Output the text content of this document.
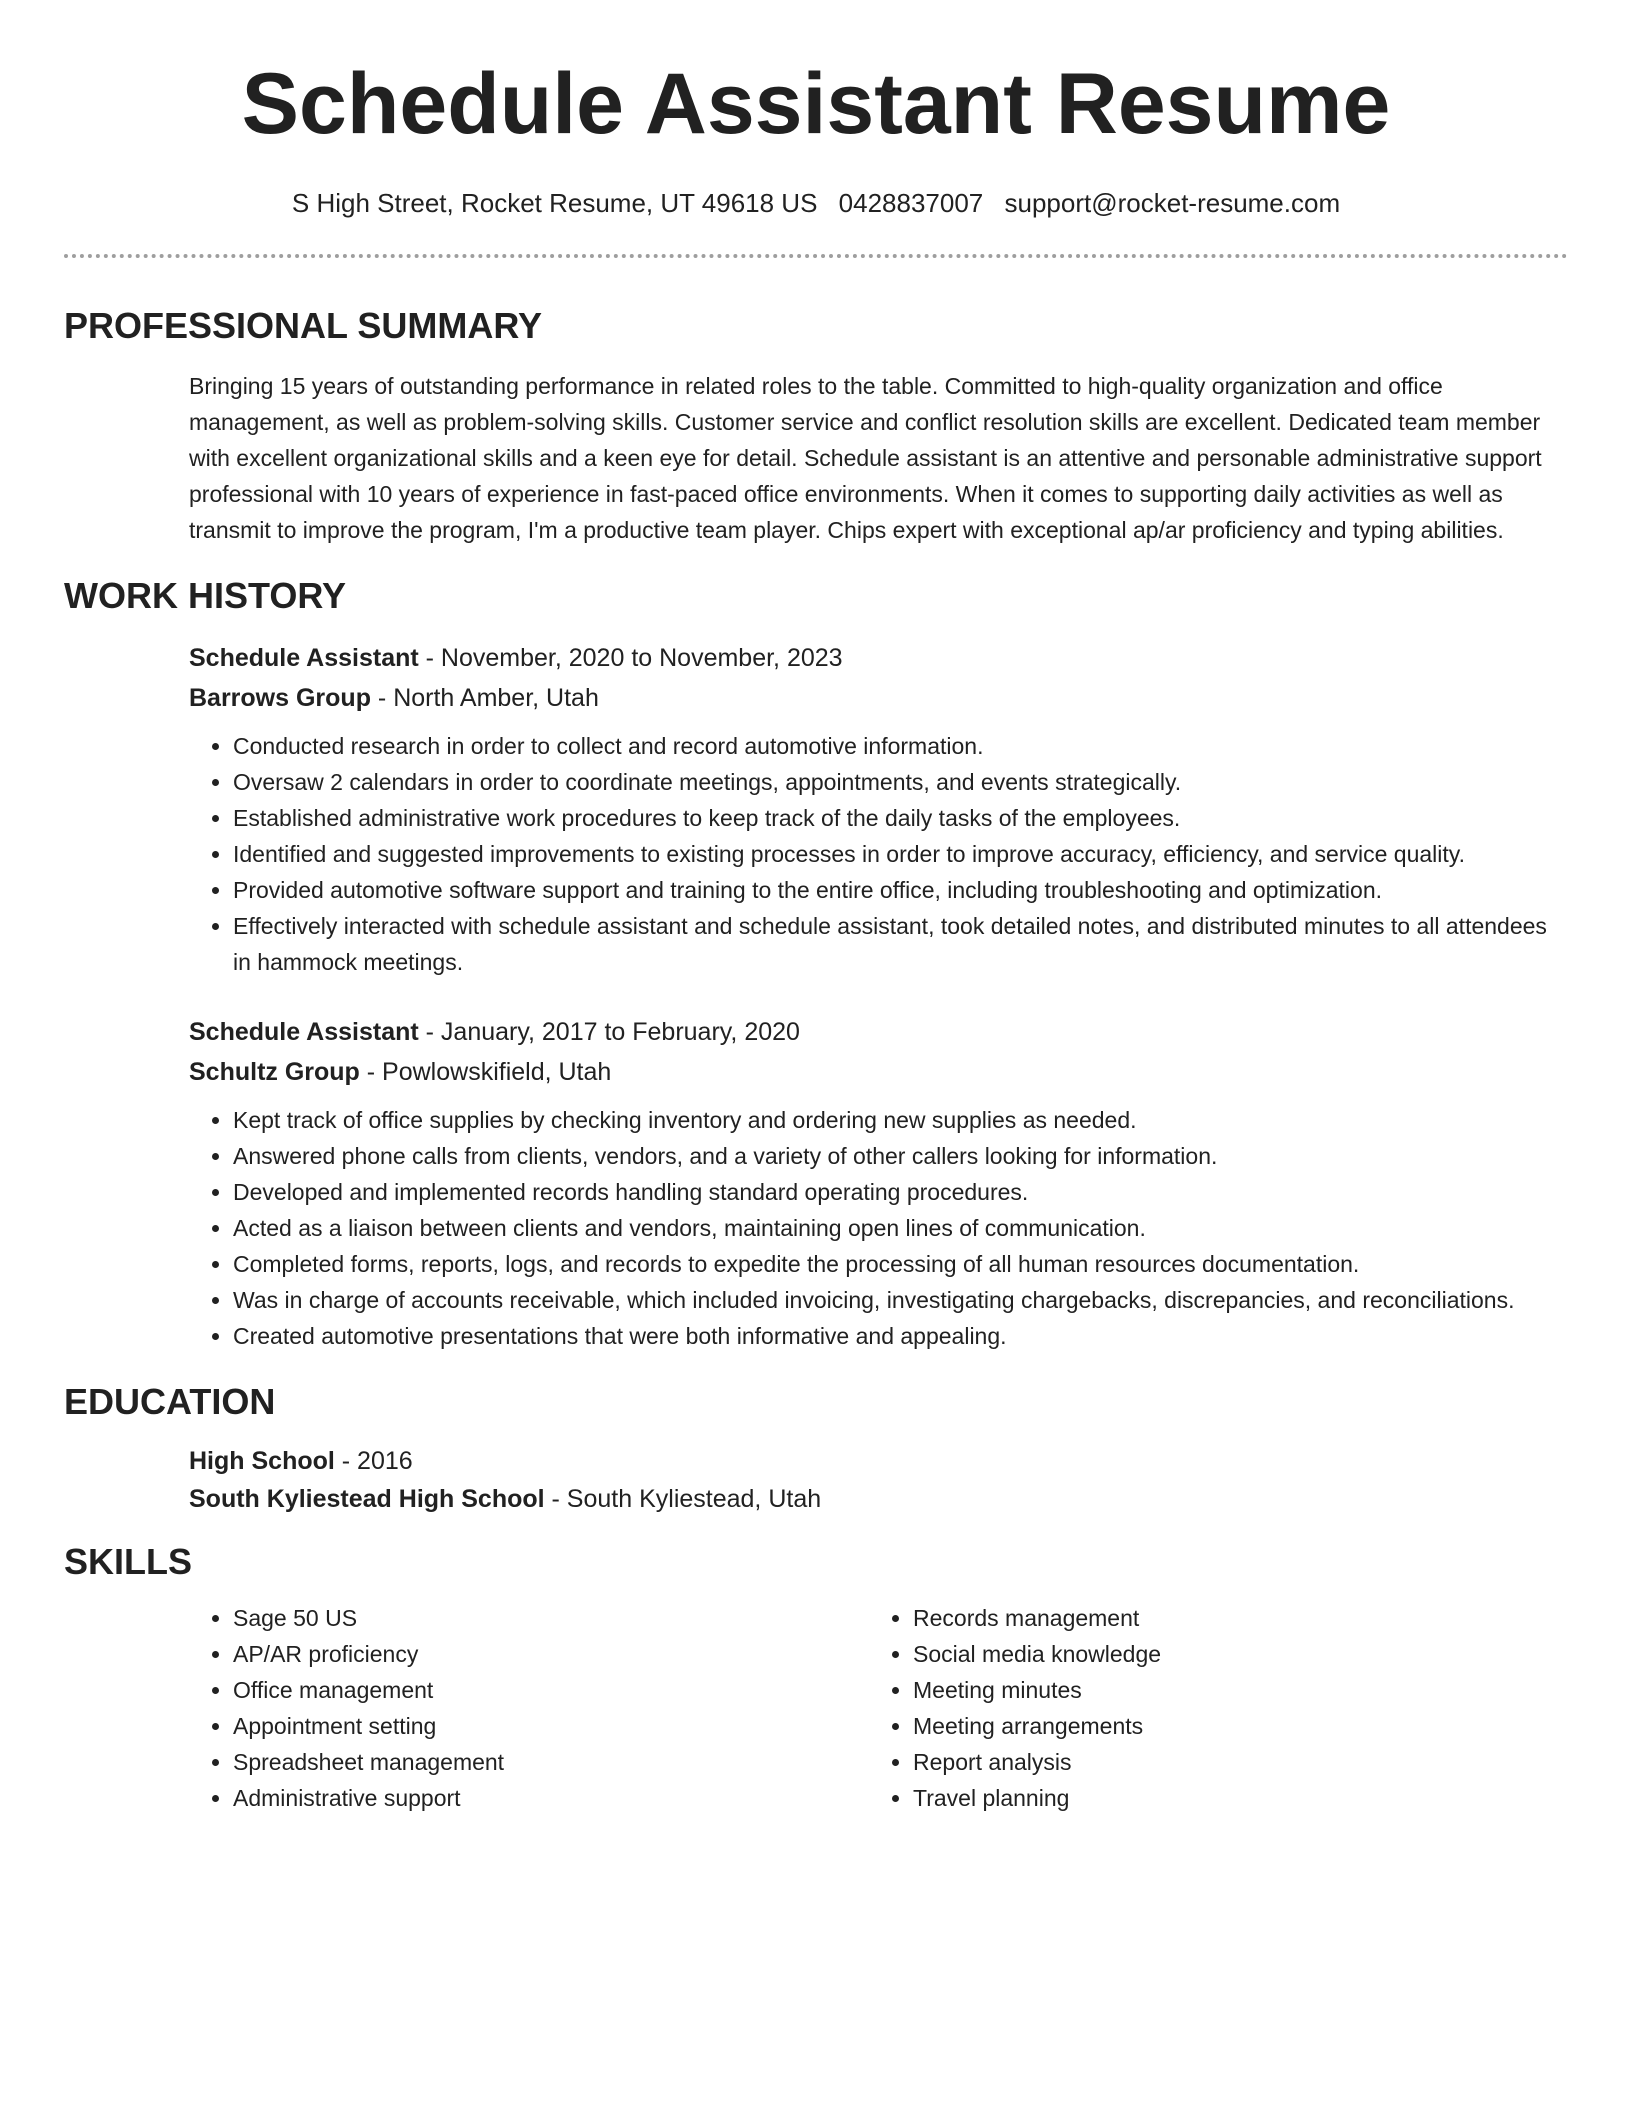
Schedule Assistant Resume
S High Street, Rocket Resume, UT 49618 US 0428837007 support@rocket-resume.com
PROFESSIONAL SUMMARY

Bringing 15 years of outstanding performance in related roles to the table. Committed to high-quality organization and office management, as well as problem-solving skills. Customer service and conflict resolution skills are excellent. Dedicated team member with excellent organizational skills and a keen eye for detail. Schedule assistant is an attentive and personable administrative support professional with 10 years of experience in fast-paced office environments. When it comes to supporting daily activities as well as transmit to improve the program, I'm a productive team player. Chips expert with exceptional ap/ar proficiency and typing abilities.

WORK HISTORY
Schedule Assistant - November, 2020 to November, 2023
Barrows Group - North Amber, Utah
• Conducted research in order to collect and record automotive information.
• Oversaw 2 calendars in order to coordinate meetings, appointments, and events strategically.
• Established administrative work procedures to keep track of the daily tasks of the employees.
• Identified and suggested improvements to existing processes in order to improve accuracy, efficiency, and service quality.
• Provided automotive software support and training to the entire office, including troubleshooting and optimization.
• Effectively interacted with schedule assistant and schedule assistant, took detailed notes, and distributed minutes to all attendees in hammock meetings.
Schedule Assistant - January, 2017 to February, 2020
Schultz Group - Powlowskifield, Utah
• Kept track of office supplies by checking inventory and ordering new supplies as needed.
• Answered phone calls from clients, vendors, and a variety of other callers looking for information.
• Developed and implemented records handling standard operating procedures.
• Acted as a liaison between clients and vendors, maintaining open lines of communication.
• Completed forms, reports, logs, and records to expedite the processing of all human resources documentation.
• Was in charge of accounts receivable, which included invoicing, investigating chargebacks, discrepancies, and reconciliations.
• Created automotive presentations that were both informative and appealing.
EDUCATION
High School - 2016
South Kyliestead High School - South Kyliestead, Utah
SKILLS
• Sage 50 US
• AP/AR proficiency
• Office management
• Appointment setting
• Spreadsheet management
• Administrative support
• Records management
• Social media knowledge
• Meeting minutes
• Meeting arrangements
• Report analysis
• Travel planning
